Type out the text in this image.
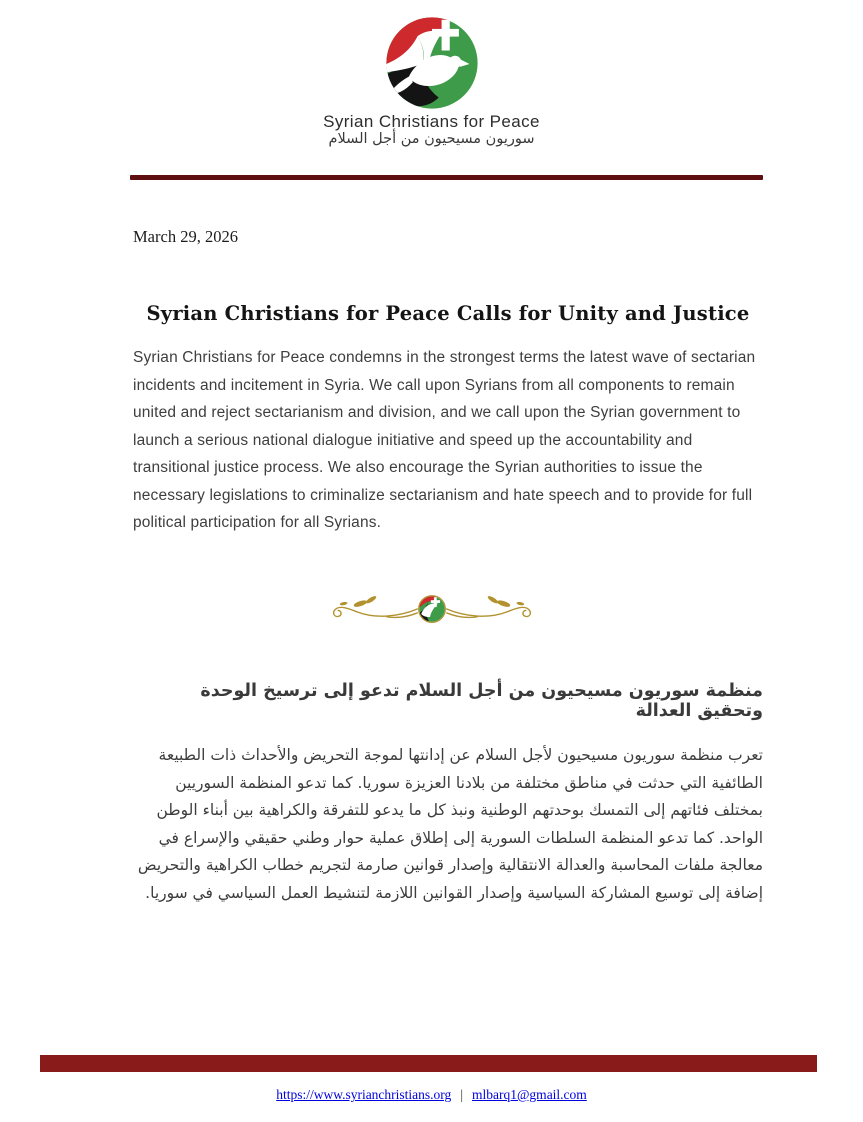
Syrian Christians for Peace
سوريون مسيحيون من أجل السلام
March 29, 2026
Syrian Christians for Peace Calls for Unity and Justice

Syrian Christians for Peace condemns in the strongest terms the latest wave of sectarian incidents and incitement in Syria. We call upon Syrians from all components to remain united and reject sectarianism and division, and we call upon the Syrian government to launch a serious national dialogue initiative and speed up the accountability and transitional justice process. We also encourage the Syrian authorities to issue the necessary legislations to criminalize sectarianism and hate speech and to provide for full political participation for all Syrians.

منظمة سوريون مسيحيون من أجل السلام تدعو إلى ترسيخ الوحدة وتحقيق العدالة

تعرب منظمة سوريون مسيحيون لأجل السلام عن إدانتها لموجة التحريض والأحداث ذات الطبيعة الطائفية التي حدثت في مناطق مختلفة من بلادنا العزيزة سوريا. كما تدعو المنظمة السوريين بمختلف فئاتهم إلى التمسك بوحدتهم الوطنية ونبذ كل ما يدعو للتفرقة والكراهية بين أبناء الوطن الواحد. كما تدعو المنظمة السلطات السورية إلى إطلاق عملية حوار وطني حقيقي والإسراع في معالجة ملفات المحاسبة والعدالة الانتقالية وإصدار قوانين صارمة لتجريم خطاب الكراهية والتحريض إضافة إلى توسيع المشاركة السياسية وإصدار القوانين اللازمة لتنشيط العمل السياسي في سوريا.

https://www.syrianchristians.org | mlbarq1@gmail.com
